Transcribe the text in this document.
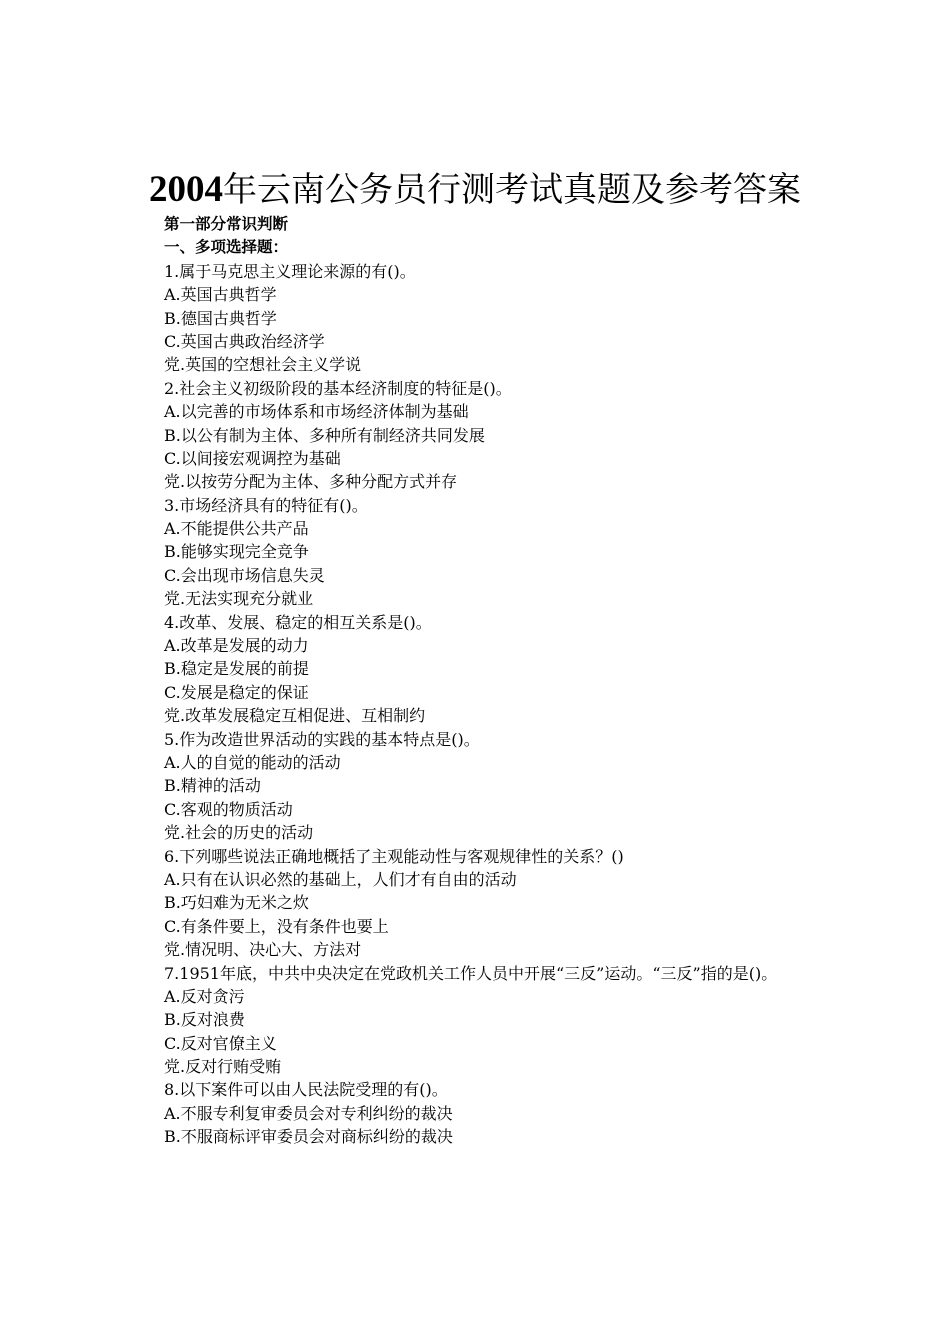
2004年云南公务员行测考试真题及参考答案
第一部分常识判断
一、多项选择题：
1.属于马克思主义理论来源的有()。
A.英国古典哲学
B.德国古典哲学
C.英国古典政治经济学
党.英国的空想社会主义学说
2.社会主义初级阶段的基本经济制度的特征是()。
A.以完善的市场体系和市场经济体制为基础
B.以公有制为主体、多种所有制经济共同发展
C.以间接宏观调控为基础
党.以按劳分配为主体、多种分配方式并存
3.市场经济具有的特征有()。
A.不能提供公共产品
B.能够实现完全竞争
C.会出现市场信息失灵
党.无法实现充分就业
4.改革、发展、稳定的相互关系是()。
A.改革是发展的动力
B.稳定是发展的前提
C.发展是稳定的保证
党.改革发展稳定互相促进、互相制约
5.作为改造世界活动的实践的基本特点是()。
A.人的自觉的能动的活动
B.精神的活动
C.客观的物质活动
党.社会的历史的活动
6.下列哪些说法正确地概括了主观能动性与客观规律性的关系？()
A.只有在认识必然的基础上，人们才有自由的活动
B.巧妇难为无米之炊
C.有条件要上，没有条件也要上
党.情况明、决心大、方法对
7.1951年底，中共中央决定在党政机关工作人员中开展“三反”运动。“三反”指的是()。
A.反对贪污
B.反对浪费
C.反对官僚主义
党.反对行贿受贿
8.以下案件可以由人民法院受理的有()。
A.不服专利复审委员会对专利纠纷的裁决
B.不服商标评审委员会对商标纠纷的裁决
